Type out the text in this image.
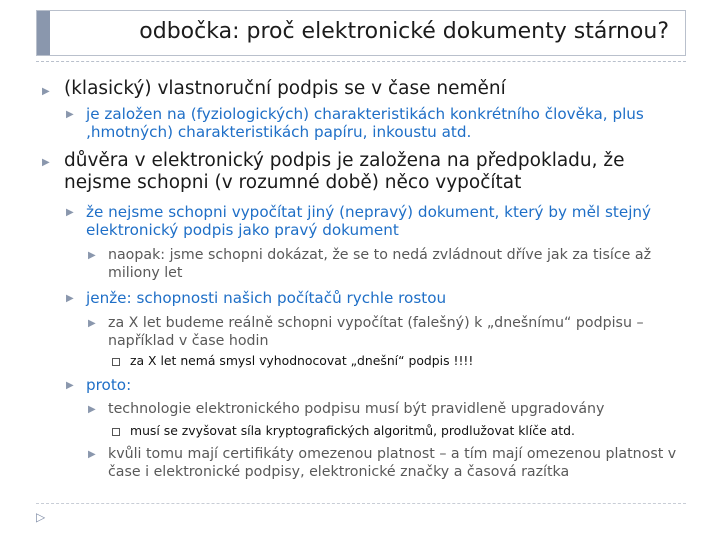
odbočka: proč elektronické dokumenty stárnou?
▶ (klasický) vlastnoruční podpis se v čase nemění
▶ je založen na (fyziologických) charakteristikách konkrétního člověka, plus ‚hmotných) charakteristikách papíru, inkoustu atd.
▶ důvěra v elektronický podpis je založena na předpokladu, že nejsme schopni (v rozumné době) něco vypočítat
▶ že nejsme schopni vypočítat jiný (nepravý) dokument, který by měl stejný elektronický podpis jako pravý dokument
▶ naopak: jsme schopni dokázat, že se to nedá zvládnout dříve jak za tisíce až miliony let
▶ jenže: schopnosti našich počítačů rychle rostou
▶ za X let budeme reálně schopni vypočítat (falešný) k „dnešnímu“ podpisu – například v čase hodin
za X let nemá smysl vyhodnocovat „dnešní“ podpis !!!!
▶ proto:
▶ technologie elektronického podpisu musí být pravidleně upgradovány
musí se zvyšovat síla kryptografických algoritmů, prodlužovat klíče atd.
▶ kvůli tomu mají certifikáty omezenou platnost – a tím mají omezenou platnost v čase i elektronické podpisy, elektronické značky a časová razítka
▷
